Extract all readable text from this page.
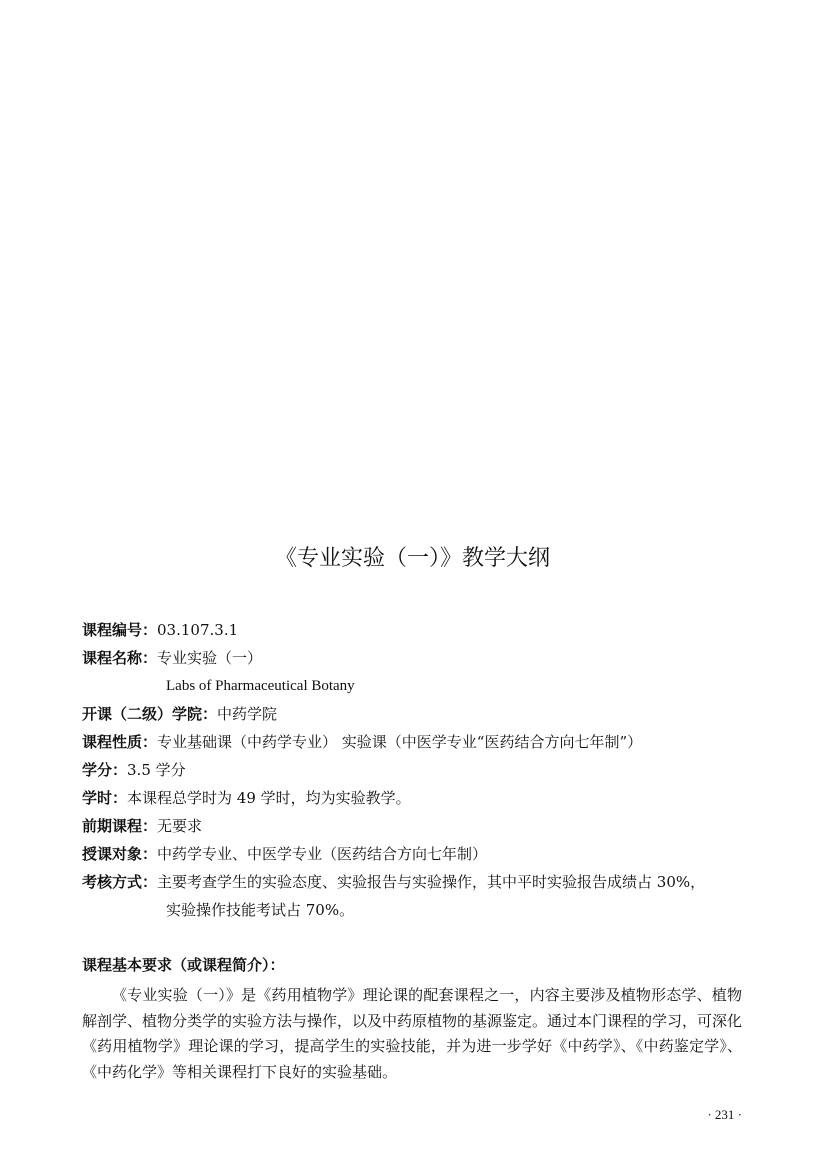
《专业实验（一）》教学大纲
课程编号：03.107.3.1
课程名称：专业实验（一）
Labs of Pharmaceutical Botany
开课（二级）学院：中药学院
课程性质：专业基础课（中药学专业） 实验课（中医学专业“医药结合方向七年制”）
学分：3.5 学分
学时：本课程总学时为 49 学时，均为实验教学。
前期课程：无要求
授课对象：中药学专业、中医学专业（医药结合方向七年制）
考核方式：主要考查学生的实验态度、实验报告与实验操作，其中平时实验报告成绩占 30%，
实验操作技能考试占 70%。
课程基本要求（或课程简介）：

《专业实验（一）》是《药用植物学》理论课的配套课程之一，内容主要涉及植物形态学、植物解剖学、植物分类学的实验方法与操作，以及中药原植物的基源鉴定。通过本门课程的学习，可深化《药用植物学》理论课的学习，提高学生的实验技能，并为进一步学好《中药学》、《中药鉴定学》、《中药化学》等相关课程打下良好的实验基础。

· 231 ·
